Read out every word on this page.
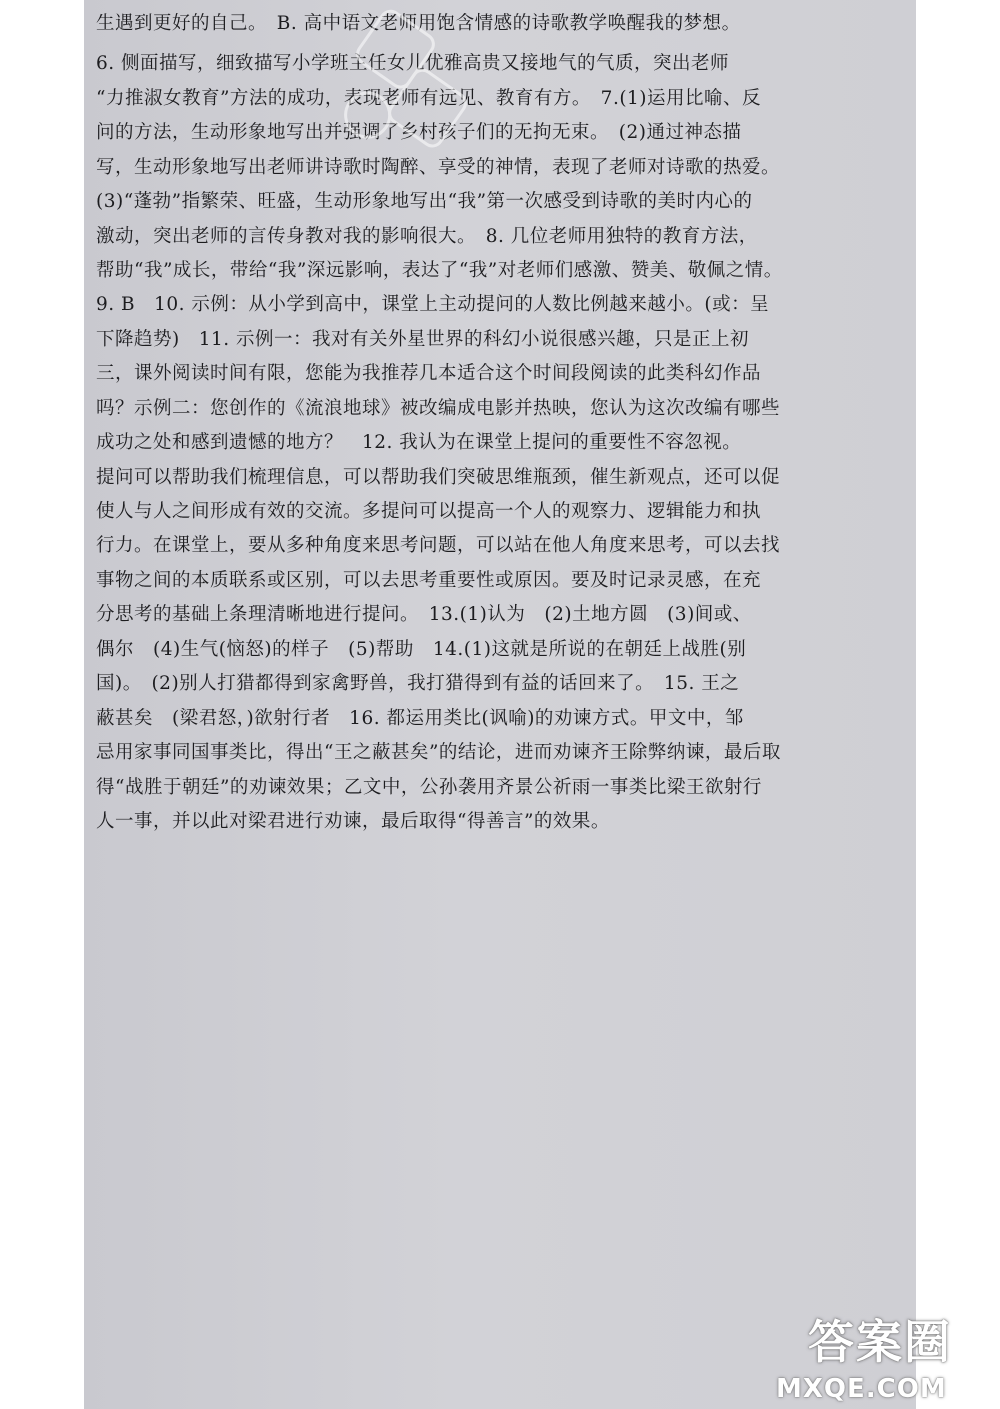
生遇到更好的自己。　B. 高中语文老师用饱含情感的诗歌教学唤醒我的梦想。
6. 侧面描写，细致描写小学班主任女儿优雅高贵又接地气的气质，突出老师
“力推淑女教育”方法的成功，表现老师有远见、教育有方。　7.(1)运用比喻、反
问的方法，生动形象地写出并强调了乡村孩子们的无拘无束。　(2)通过神态描
写，生动形象地写出老师讲诗歌时陶醉、享受的神情，表现了老师对诗歌的热爱。
(3)“蓬勃”指繁荣、旺盛，生动形象地写出“我”第一次感受到诗歌的美时内心的
激动，突出老师的言传身教对我的影响很大。　8. 几位老师用独特的教育方法，
帮助“我”成长，带给“我”深远影响，表达了“我”对老师们感激、赞美、敬佩之情。
9. B　10. 示例：从小学到高中，课堂上主动提问的人数比例越来越小。(或：呈
下降趋势)　11. 示例一：我对有关外星世界的科幻小说很感兴趣，只是正上初
三，课外阅读时间有限，您能为我推荐几本适合这个时间段阅读的此类科幻作品
吗？示例二：您创作的《流浪地球》被改编成电影并热映，您认为这次改编有哪些
成功之处和感到遗憾的地方？　12. 我认为在课堂上提问的重要性不容忽视。
提问可以帮助我们梳理信息，可以帮助我们突破思维瓶颈，催生新观点，还可以促
使人与人之间形成有效的交流。多提问可以提高一个人的观察力、逻辑能力和执
行力。在课堂上，要从多种角度来思考问题，可以站在他人角度来思考，可以去找
事物之间的本质联系或区别，可以去思考重要性或原因。要及时记录灵感，在充
分思考的基础上条理清晰地进行提问。　13.(1)认为　(2)土地方圆　(3)间或、
偶尔　(4)生气(恼怒)的样子　(5)帮助　14.(1)这就是所说的在朝廷上战胜(别
国)。　(2)别人打猎都得到家禽野兽，我打猎得到有益的话回来了。　15. 王之
蔽甚矣　(梁君怒，)欲射行者　16. 都运用类比(讽喻)的劝谏方式。甲文中，邹
忌用家事同国事类比，得出“王之蔽甚矣”的结论，进而劝谏齐王除弊纳谏，最后取
得“战胜于朝廷”的劝谏效果；乙文中，公孙袭用齐景公祈雨一事类比梁王欲射行
人一事，并以此对梁君进行劝谏，最后取得“得善言”的效果。
答案圈
MXQE.COM
